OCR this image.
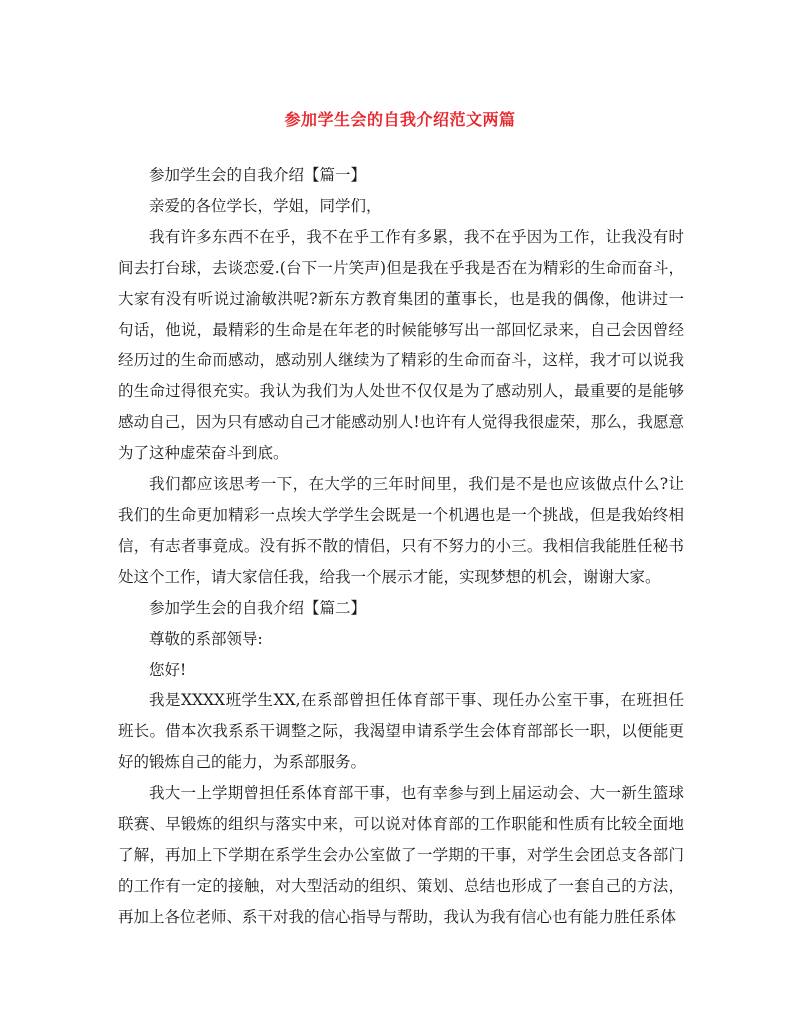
参加学生会的自我介绍范文两篇

参加学生会的自我介绍【篇一】

亲爱的各位学长，学姐，同学们，

我有许多东西不在乎，我不在乎工作有多累，我不在乎因为工作，让我没有时间去打台球，去谈恋爱.(台下一片笑声)但是我在乎我是否在为精彩的生命而奋斗，大家有没有听说过渝敏洪呢?新东方教育集团的董事长，也是我的偶像，他讲过一句话，他说，最精彩的生命是在年老的时候能够写出一部回忆录来，自己会因曾经经历过的生命而感动，感动别人继续为了精彩的生命而奋斗，这样，我才可以说我的生命过得很充实。我认为我们为人处世不仅仅是为了感动别人，最重要的是能够感动自己，因为只有感动自己才能感动别人!也许有人觉得我很虚荣，那么，我愿意为了这种虚荣奋斗到底。

我们都应该思考一下，在大学的三年时间里，我们是不是也应该做点什么?让我们的生命更加精彩一点埃大学学生会既是一个机遇也是一个挑战，但是我始终相信，有志者事竟成。没有拆不散的情侣，只有不努力的小三。我相信我能胜任秘书处这个工作，请大家信任我，给我一个展示才能，实现梦想的机会，谢谢大家。

参加学生会的自我介绍【篇二】

尊敬的系部领导:

您好!

我是XXXX班学生XX,在系部曾担任体育部干事、现任办公室干事，在班担任班长。借本次我系系干调整之际，我渴望申请系学生会体育部部长一职，以便能更好的锻炼自己的能力，为系部服务。

我大一上学期曾担任系体育部干事，也有幸参与到上届运动会、大一新生篮球联赛、早锻炼的组织与落实中来，可以说对体育部的工作职能和性质有比较全面地了解，再加上下学期在系学生会办公室做了一学期的干事，对学生会团总支各部门的工作有一定的接触，对大型活动的组织、策划、总结也形成了一套自己的方法，再加上各位老师、系干对我的信心指导与帮助，我认为我有信心也有能力胜任系体
